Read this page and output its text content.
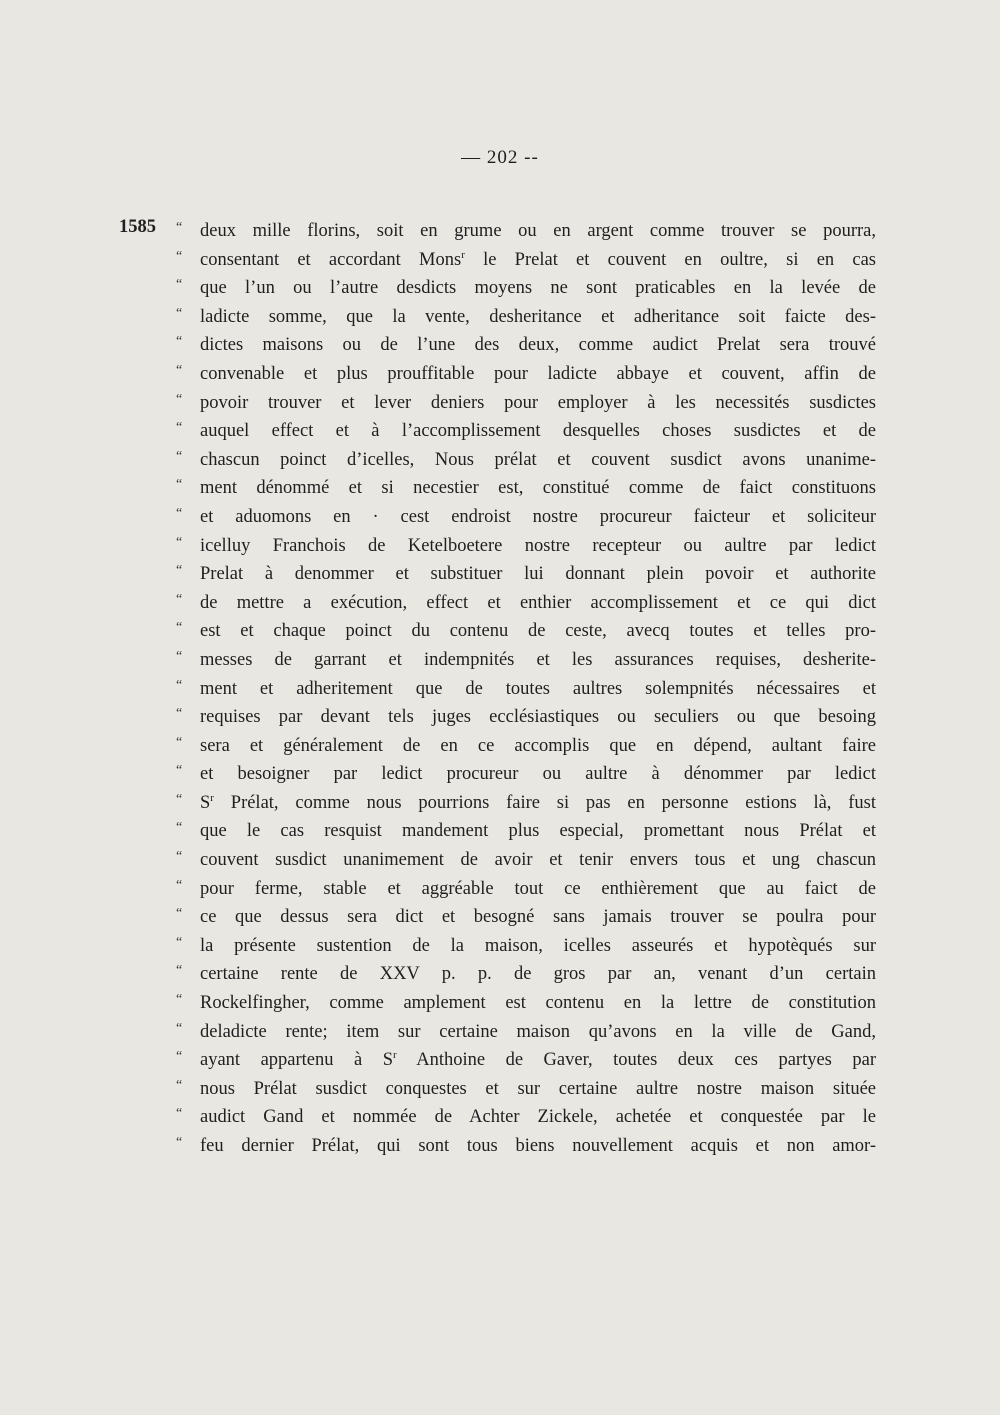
— 202 --
1585 “ deux mille florins, soit en grume ou en argent comme trouver se pourra,
“ consentant et accordant Mons$^r$ le Prelat et couvent en oultre, si en cas
“ que l’un ou l’autre desdicts moyens ne sont praticables en la levée de
“ ladicte somme, que la vente, desheritance et adheritance soit faicte des-
“ dictes maisons ou de l’une des deux, comme audict Prelat sera trouvé
“ convenable et plus prouffitable pour ladicte abbaye et couvent, affin de
“ povoir trouver et lever deniers pour employer à les necessités susdictes
“ auquel effect et à l’accomplissement desquelles choses susdictes et de
“ chascun poinct d’icelles, Nous prélat et couvent susdict avons unanime-
“ ment dénommé et si necestier est, constitué comme de faict constituons
“ et aduomons en · cest endroist nostre procureur faicteur et soliciteur
“ icelluy Franchois de Ketelboetere nostre recepteur ou aultre par ledict
“ Prelat à denommer et substituer lui donnant plein povoir et authorite
“ de mettre a exécution, effect et enthier accomplissement et ce qui dict
“ est et chaque poinct du contenu de ceste, avecq toutes et telles pro-
“ messes de garrant et indempnités et les assurances requises, desherite-
“ ment et adheritement que de toutes aultres solempnités nécessaires et
“ requises par devant tels juges ecclésiastiques ou seculiers ou que besoing
“ sera et généralement de en ce accomplis que en dépend, aultant faire
“ et besoigner par ledict procureur ou aultre à dénommer par ledict
“ $S^r$ Prélat, comme nous pourrions faire si pas en personne estions là, fust
“ que le cas resquist mandement plus especial, promettant nous Prélat et
“ couvent susdict unanimement de avoir et tenir envers tous et ung chascun
“ pour ferme, stable et aggréable tout ce enthièrement que au faict de
“ ce que dessus sera dict et besogné sans jamais trouver se poulra pour
“ la présente sustention de la maison, icelles asseurés et hypotèqués sur
“ certaine rente de XXV p. p. de gros par an, venant d’un certain
“ Rockelfingher, comme amplement est contenu en la lettre de constitution
“ deladicte rente; item sur certaine maison qu’avons en la ville de Gand,
“ ayant appartenu à $S^r$ Anthoine de Gaver, toutes deux ces partyes par
“ nous Prélat susdict conquestes et sur certaine aultre nostre maison située
“ audict Gand et nommée de Achter Zickele, achetée et conquestée par le
“ feu dernier Prélat, qui sont tous biens nouvellement acquis et non amor-
